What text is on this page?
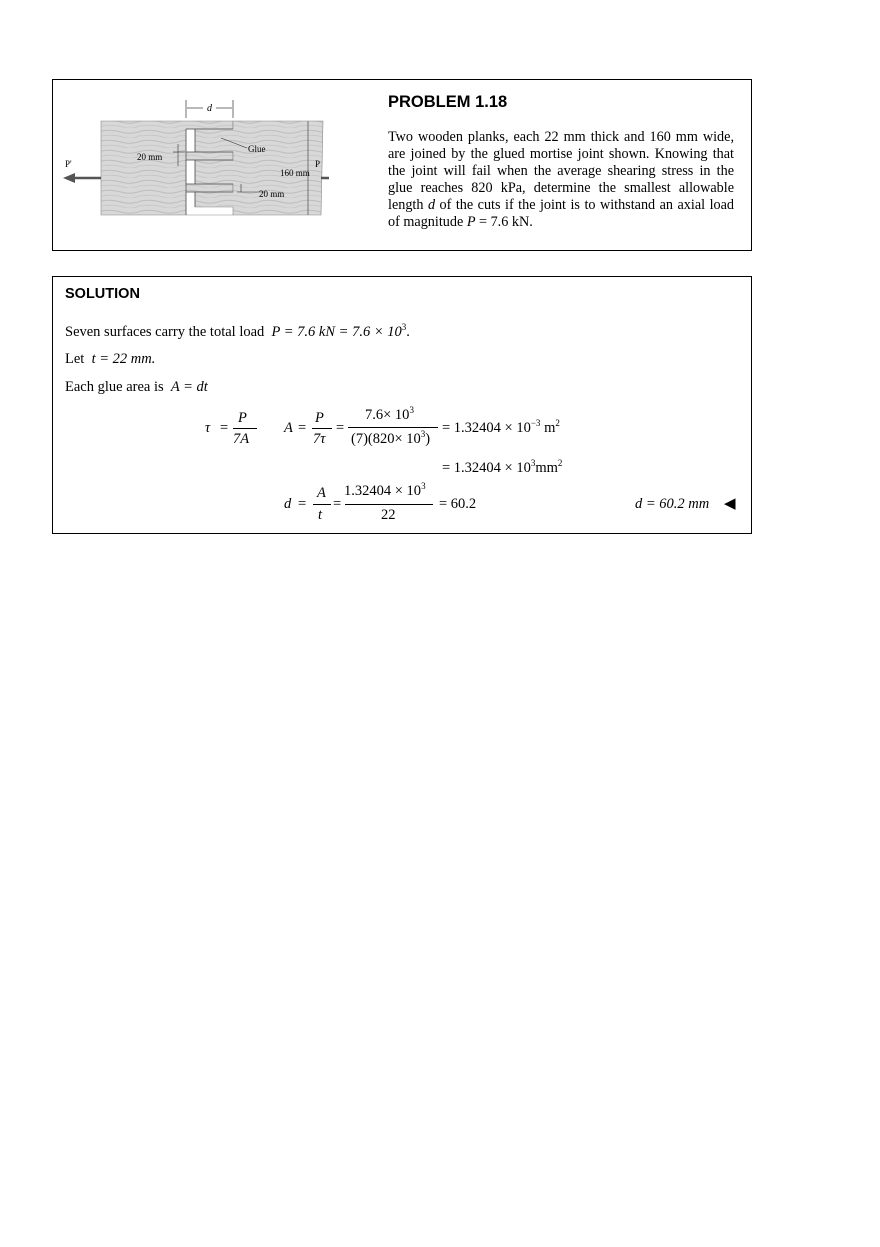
d
Glue
20 mm
20 mm
160 mm
P'	P
PROBLEM 1.18
Two wooden planks, each 22 mm thick and 160 mm wide, are joined by the glued mortise joint shown. Knowing that the joint will fail when the average shearing stress in the glue reaches 820 kPa, determine the smallest allowable length d of the cuts if the joint is to withstand an axial load of magnitude P = 7.6 kN.
SOLUTION
Seven surfaces carry the total load P = 7.6 kN = $7.6 \times 10^3$.
Let t = 22 mm.
Each glue area is A = dt
τ =
P
7A
A =
P
7τ
=
$7.6\times 10^3$
$(7)(820\times 10^3)$
= $1.32404 \times 10^{-3}$ $m^2$
= $1.32404 \times 10^3mm^2$
d =
A
t
=
$1.32404 \times 10^3$
22
= 60.2	d = 60.2 mm ◀
